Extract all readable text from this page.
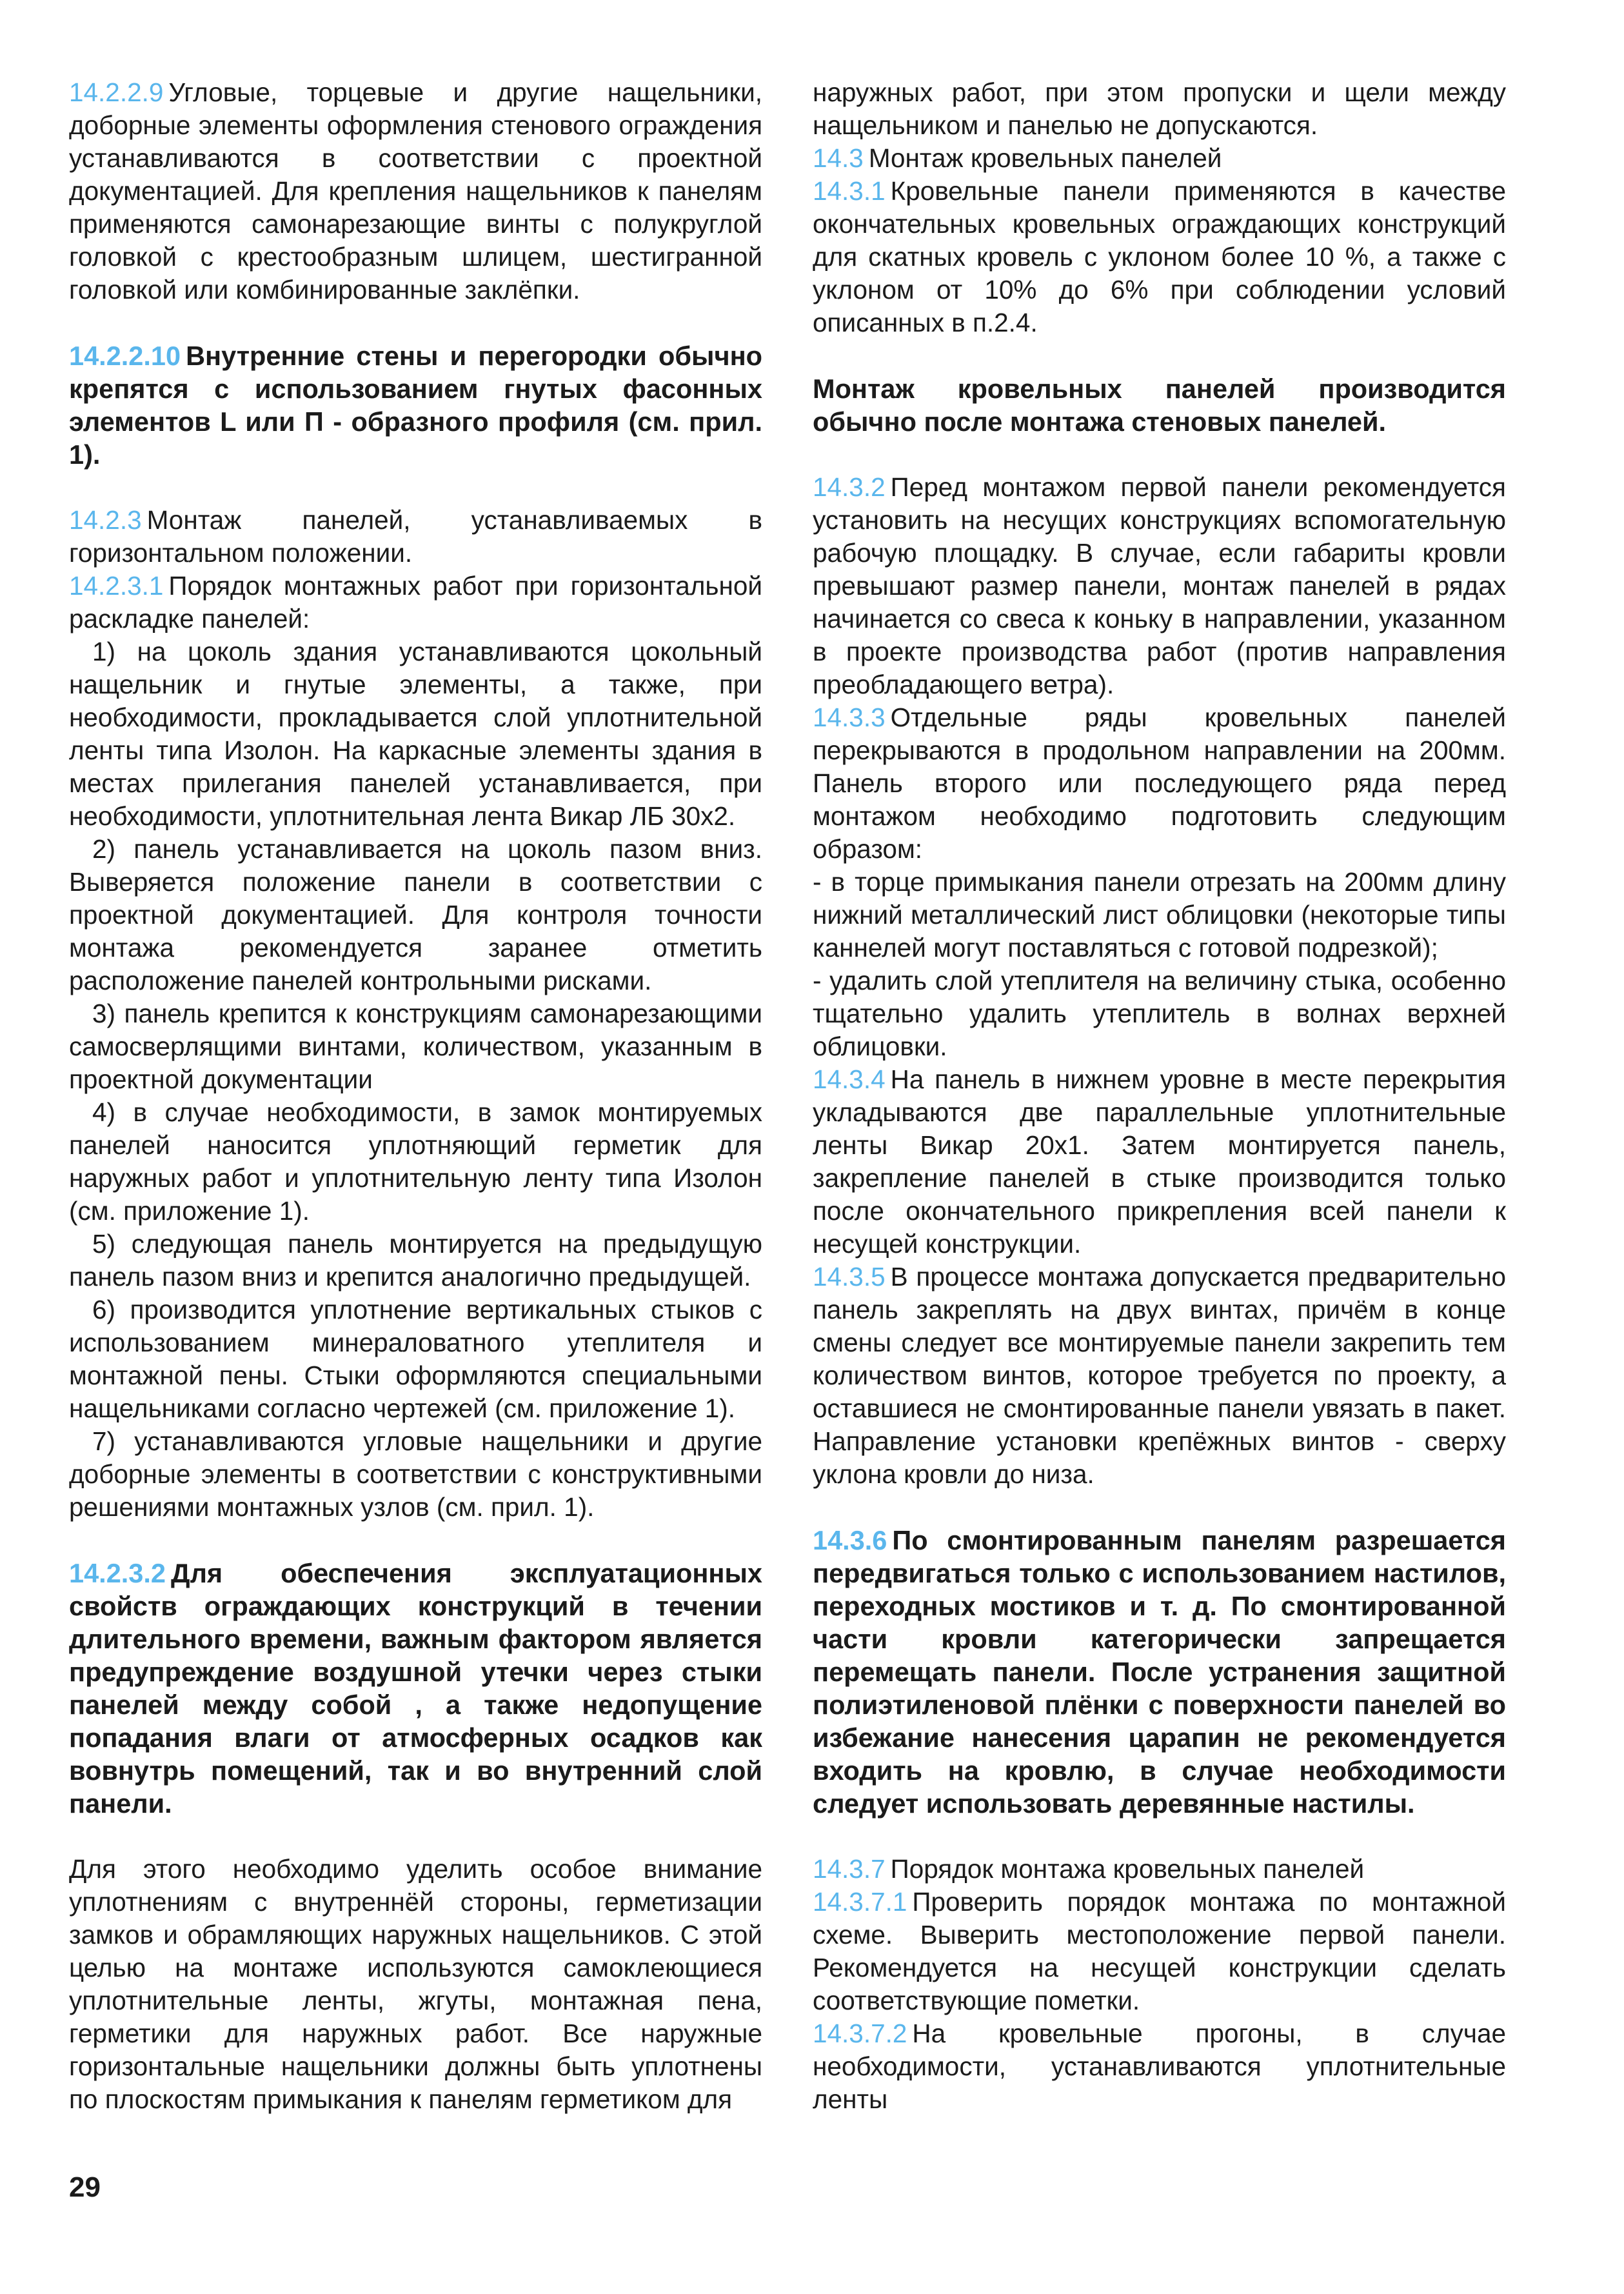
14.2.2.9 Угловые, торцевые и другие нащельники, доборные элементы оформления стенового ограждения устанавливаются в соответствии с проектной документацией. Для крепления нащельников к панелям применяются самонарезающие винты с полукруглой головкой с крестообразным шлицем, шестигранной головкой или комбинированные заклёпки.

14.2.2.10 Внутренние стены и перегородки обычно крепятся с использованием гнутых фасонных элементов L или П - образного профиля (см. прил. 1).

14.2.3 Монтаж панелей, устанавливаемых в горизонтальном положении.

14.2.3.1 Порядок монтажных работ при горизонтальной раскладке панелей:

1) на цоколь здания устанавливаются цокольный нащельник и гнутые элементы, а также, при необходимости, прокладывается слой уплотнительной ленты типа Изолон. На каркасные элементы здания в местах прилегания панелей устанавливается, при необходимости, уплотнительная лента Викар ЛБ 30х2.

2) панель устанавливается на цоколь пазом вниз. Выверяется положение панели в соответствии с проектной документацией. Для контроля точности монтажа рекомендуется заранее отметить расположение панелей контрольными рисками.

3) панель крепится к конструкциям самонарезающими самосверлящими винтами, количеством, указанным в проектной документации

4) в случае необходимости, в замок монтируемых панелей наносится уплотняющий герметик для наружных работ и уплотнительную ленту типа Изолон (см. приложение 1).

5) следующая панель монтируется на предыдущую панель пазом вниз и крепится аналогично предыдущей.

6) производится уплотнение вертикальных стыков с использованием минераловатного утеплителя и монтажной пены. Стыки оформляются специальными нащельниками согласно чертежей (см. приложение 1).

7) устанавливаются угловые нащельники и другие доборные элементы в соответствии с конструктивными решениями монтажных узлов (см. прил. 1).

14.2.3.2 Для обеспечения эксплуатационных свойств ограждающих конструкций в течении длительного времени, важным фактором является предупреждение воздушной утечки через стыки панелей между собой , а также недопущение попадания влаги от атмосферных осадков как вовнутрь помещений, так и во внутренний слой панели.

Для этого необходимо уделить особое внимание уплотнениям с внутреннёй стороны, герметизации замков и обрамляющих наружных нащельников. С этой целью на монтаже используются самоклеющиеся уплотнительные ленты, жгуты, монтажная пена, герметики для наружных работ. Все наружные горизонтальные нащельники должны быть уплотнены по плоскостям примыкания к панелям герметиком для

наружных работ, при этом пропуски и щели между нащельником и панелью не допускаются.

14.3 Монтаж кровельных панелей

14.3.1 Кровельные панели применяются в качестве окончательных кровельных ограждающих конструкций для скатных кровель с уклоном более 10 %, а также с уклоном от 10% до 6% при соблюдении условий описанных в п.2.4.

Монтаж кровельных панелей производится обычно после монтажа стеновых панелей.

14.3.2 Перед монтажом первой панели рекомендуется установить на несущих конструкциях вспомогательную рабочую площадку. В случае, если габариты кровли превышают размер панели, монтаж панелей в рядах начинается со свеса к коньку в направлении, указанном в проекте производства работ (против направления преобладающего ветра).

14.3.3 Отдельные ряды кровельных панелей перекрываются в продольном направлении на 200мм. Панель второго или последующего ряда перед монтажом необходимо подготовить следующим образом:

- в торце примыкания панели отрезать на 200мм длину нижний металлический лист облицовки (некоторые типы каннелей могут поставляться с готовой подрезкой);

- удалить слой утеплителя на величину стыка, особенно тщательно удалить утеплитель в волнах верхней облицовки.

14.3.4 На панель в нижнем уровне в месте перекрытия укладываются две параллельные уплотнительные ленты Викар 20х1. Затем монтируется панель, закрепление панелей в стыке производится только после окончательного прикрепления всей панели к несущей конструкции.

14.3.5 В процессе монтажа допускается предварительно панель закреплять на двух винтах, причём в конце смены следует все монтируемые панели закрепить тем количеством винтов, которое требуется по проекту, а оставшиеся не смонтированные панели увязать в пакет. Направление установки крепёжных винтов - сверху уклона кровли до низа.

14.3.6 По смонтированным панелям разрешается передвигаться только с использованием настилов, переходных мостиков и т. д. По смонтированной части кровли категорически запрещается перемещать панели. После устранения защитной полиэтиленовой плёнки с поверхности панелей во избежание нанесения царапин не рекомендуется входить на кровлю, в случае необходимости следует использовать деревянные настилы.

14.3.7 Порядок монтажа кровельных панелей

14.3.7.1 Проверить порядок монтажа по монтажной схеме. Выверить местоположение первой панели. Рекомендуется на несущей конструкции сделать соответствующие пометки.

14.3.7.2 На кровельные прогоны, в случае необходимости, устанавливаются уплотнительные ленты

29
